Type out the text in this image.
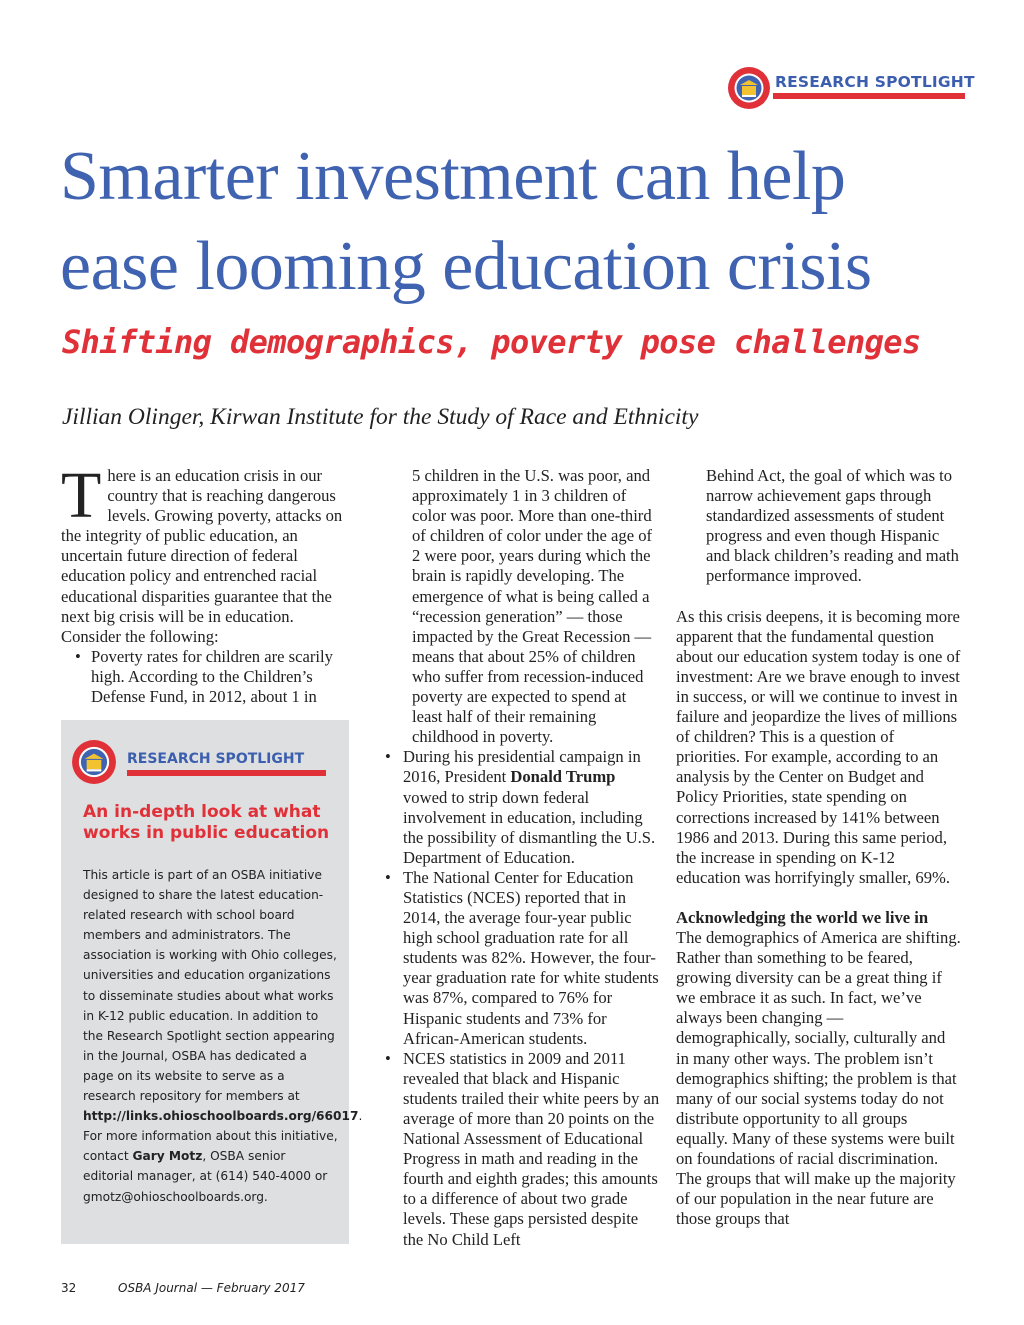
RESEARCH SPOTLIGHT
Smarter investment can help ease looming education crisis
Shifting demographics, poverty pose challenges

Jillian Olinger, Kirwan Institute for the Study of Race and Ethnicity

There is an education crisis in our country that is reaching dangerous levels. Growing poverty, attacks on the integrity of public education, an uncertain future direction of federal education policy and entrenched racial educational disparities guarantee that the next big crisis will be in education. Consider the following:

• Poverty rates for children are scarily high. According to the Children’s Defense Fund, in 2012, about 1 in
RESEARCH SPOTLIGHT
An in-depth look at what works in public education

This article is part of an OSBA initiative designed to share the latest education-related research with school board members and administrators. The association is working with Ohio colleges, universities and education organizations to disseminate studies about what works in K-12 public education. In addition to the Research Spotlight section appearing in the Journal, OSBA has dedicated a page on its website to serve as a research repository for members at http://links.ohioschoolboards.org/66017. For more information about this initiative, contact Gary Motz, OSBA senior editorial manager, at (614) 540-4000 or gmotz@ohioschoolboards.org.

5 children in the U.S. was poor, and approximately 1 in 3 children of color was poor. More than one-third of children of color under the age of 2 were poor, years during which the brain is rapidly developing. The emergence of what is being called a “recession generation” — those impacted by the Great Recession — means that about 25% of children who suffer from recession-induced poverty are expected to spend at least half of their remaining childhood in poverty.

• During his presidential campaign in 2016, President Donald Trump vowed to strip down federal involvement in education, including the possibility of dismantling the U.S. Department of Education.
• The National Center for Education Statistics (NCES) reported that in 2014, the average four-year public high school graduation rate for all students was 82%. However, the four-year graduation rate for white students was 87%, compared to 76% for Hispanic students and 73% for African-American students.
• NCES statistics in 2009 and 2011 revealed that black and Hispanic students trailed their white peers by an average of more than 20 points on the National Assessment of Educational Progress in math and reading in the fourth and eighth grades; this amounts to a difference of about two grade levels. These gaps persisted despite the No Child Left

Behind Act, the goal of which was to narrow achievement gaps through standardized assessments of student progress and even though Hispanic and black children’s reading and math performance improved.

As this crisis deepens, it is becoming more apparent that the fundamental question about our education system today is one of investment: Are we brave enough to invest in success, or will we continue to invest in failure and jeopardize the lives of millions of children? This is a question of priorities. For example, according to an analysis by the Center on Budget and Policy Priorities, state spending on corrections increased by 141% between 1986 and 2013. During this same period, the increase in spending on K-12 education was horrifyingly smaller, 69%.

Acknowledging the world we live in

The demographics of America are shifting. Rather than something to be feared, growing diversity can be a great thing if we embrace it as such. In fact, we’ve always been changing — demographically, socially, culturally and in many other ways. The problem isn’t demographics shifting; the problem is that many of our social systems today do not distribute opportunity to all groups equally. Many of these systems were built on foundations of racial discrimination. The groups that will make up the majority of our population in the near future are those groups that

32	OSBA Journal — February 2017
